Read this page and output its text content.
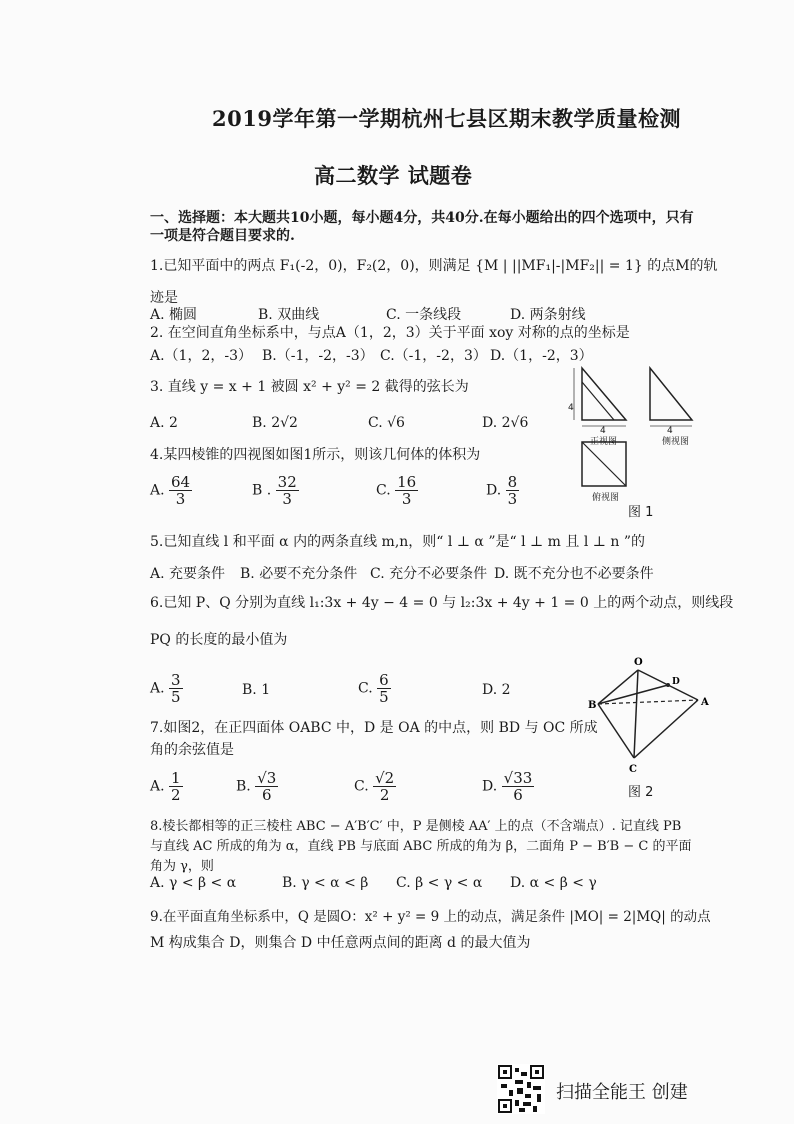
2019学年第一学期杭州七县区期末教学质量检测
高二数学 试题卷
一、选择题：本大题共10小题，每小题4分，共40分.在每小题给出的四个选项中，只有
一项是符合题目要求的.
1.已知平面中的两点 F₁(-2，0)，F₂(2，0)，则满足 {M | ||MF₁|-|MF₂|| = 1} 的点M的轨
迹是
A. 椭圆	B. 双曲线	C. 一条线段	D. 两条射线
2. 在空间直角坐标系中，与点A（1，2，3）关于平面 xoy 对称的点的坐标是
A.（1，2，-3） B.（-1，-2，-3） C.（-1，-2，3） D.（1，-2，3）
3. 直线 y = x + 1 被圆 x² + y² = 2 截得的弦长为
A. 2	B. 2√2	C. √6	D. 2√6
4.某四棱锥的四视图如图1所示，则该几何体的体积为
A. $\frac{64}{3}$	B . $\frac{32}{3}$	C. $\frac{16}{3}$	D. $\frac{8}{3}$
4
4	4
正视图	侧视图
俯视图
图 1
5.已知直线 l 和平面 α 内的两条直线 m,n，则“ l ⊥ α ”是“ l ⊥ m 且 l ⊥ n ”的
A. 充要条件 B. 必要不充分条件 C. 充分不必要条件 D. 既不充分也不必要条件
6.已知 P、Q 分别为直线 l₁:3x + 4y − 4 = 0 与 l₂:3x + 4y + 1 = 0 上的两个动点，则线段
PQ 的长度的最小值为
A. $\frac{3}{5}$	B. 1	C. $\frac{6}{5}$	D. 2
7.如图2，在正四面体 OABC 中，D 是 OA 的中点，则 BD 与 OC 所成
角的余弦值是
A. $\frac{1}{2}$	B. $\frac{√3}{6}$	C. $\frac{√2}{2}$	D. $\frac{√33}{6}$
O
D
A
B
C
图 2
8.棱长都相等的正三棱柱 ABC − A′B′C′ 中，P 是侧棱 AA′ 上的点（不含端点）. 记直线 PB
与直线 AC 所成的角为 α，直线 PB 与底面 ABC 所成的角为 β，二面角 P − B′B − C 的平面
角为 γ，则
A. γ < β < α	B. γ < α < β C. β < γ < α D. α < β < γ
9.在平面直角坐标系中，Q 是圆O：x² + y² = 9 上的动点，满足条件 |MO| = 2|MQ| 的动点
M 构成集合 D，则集合 D 中任意两点间的距离 d 的最大值为
扫描全能王 创建
